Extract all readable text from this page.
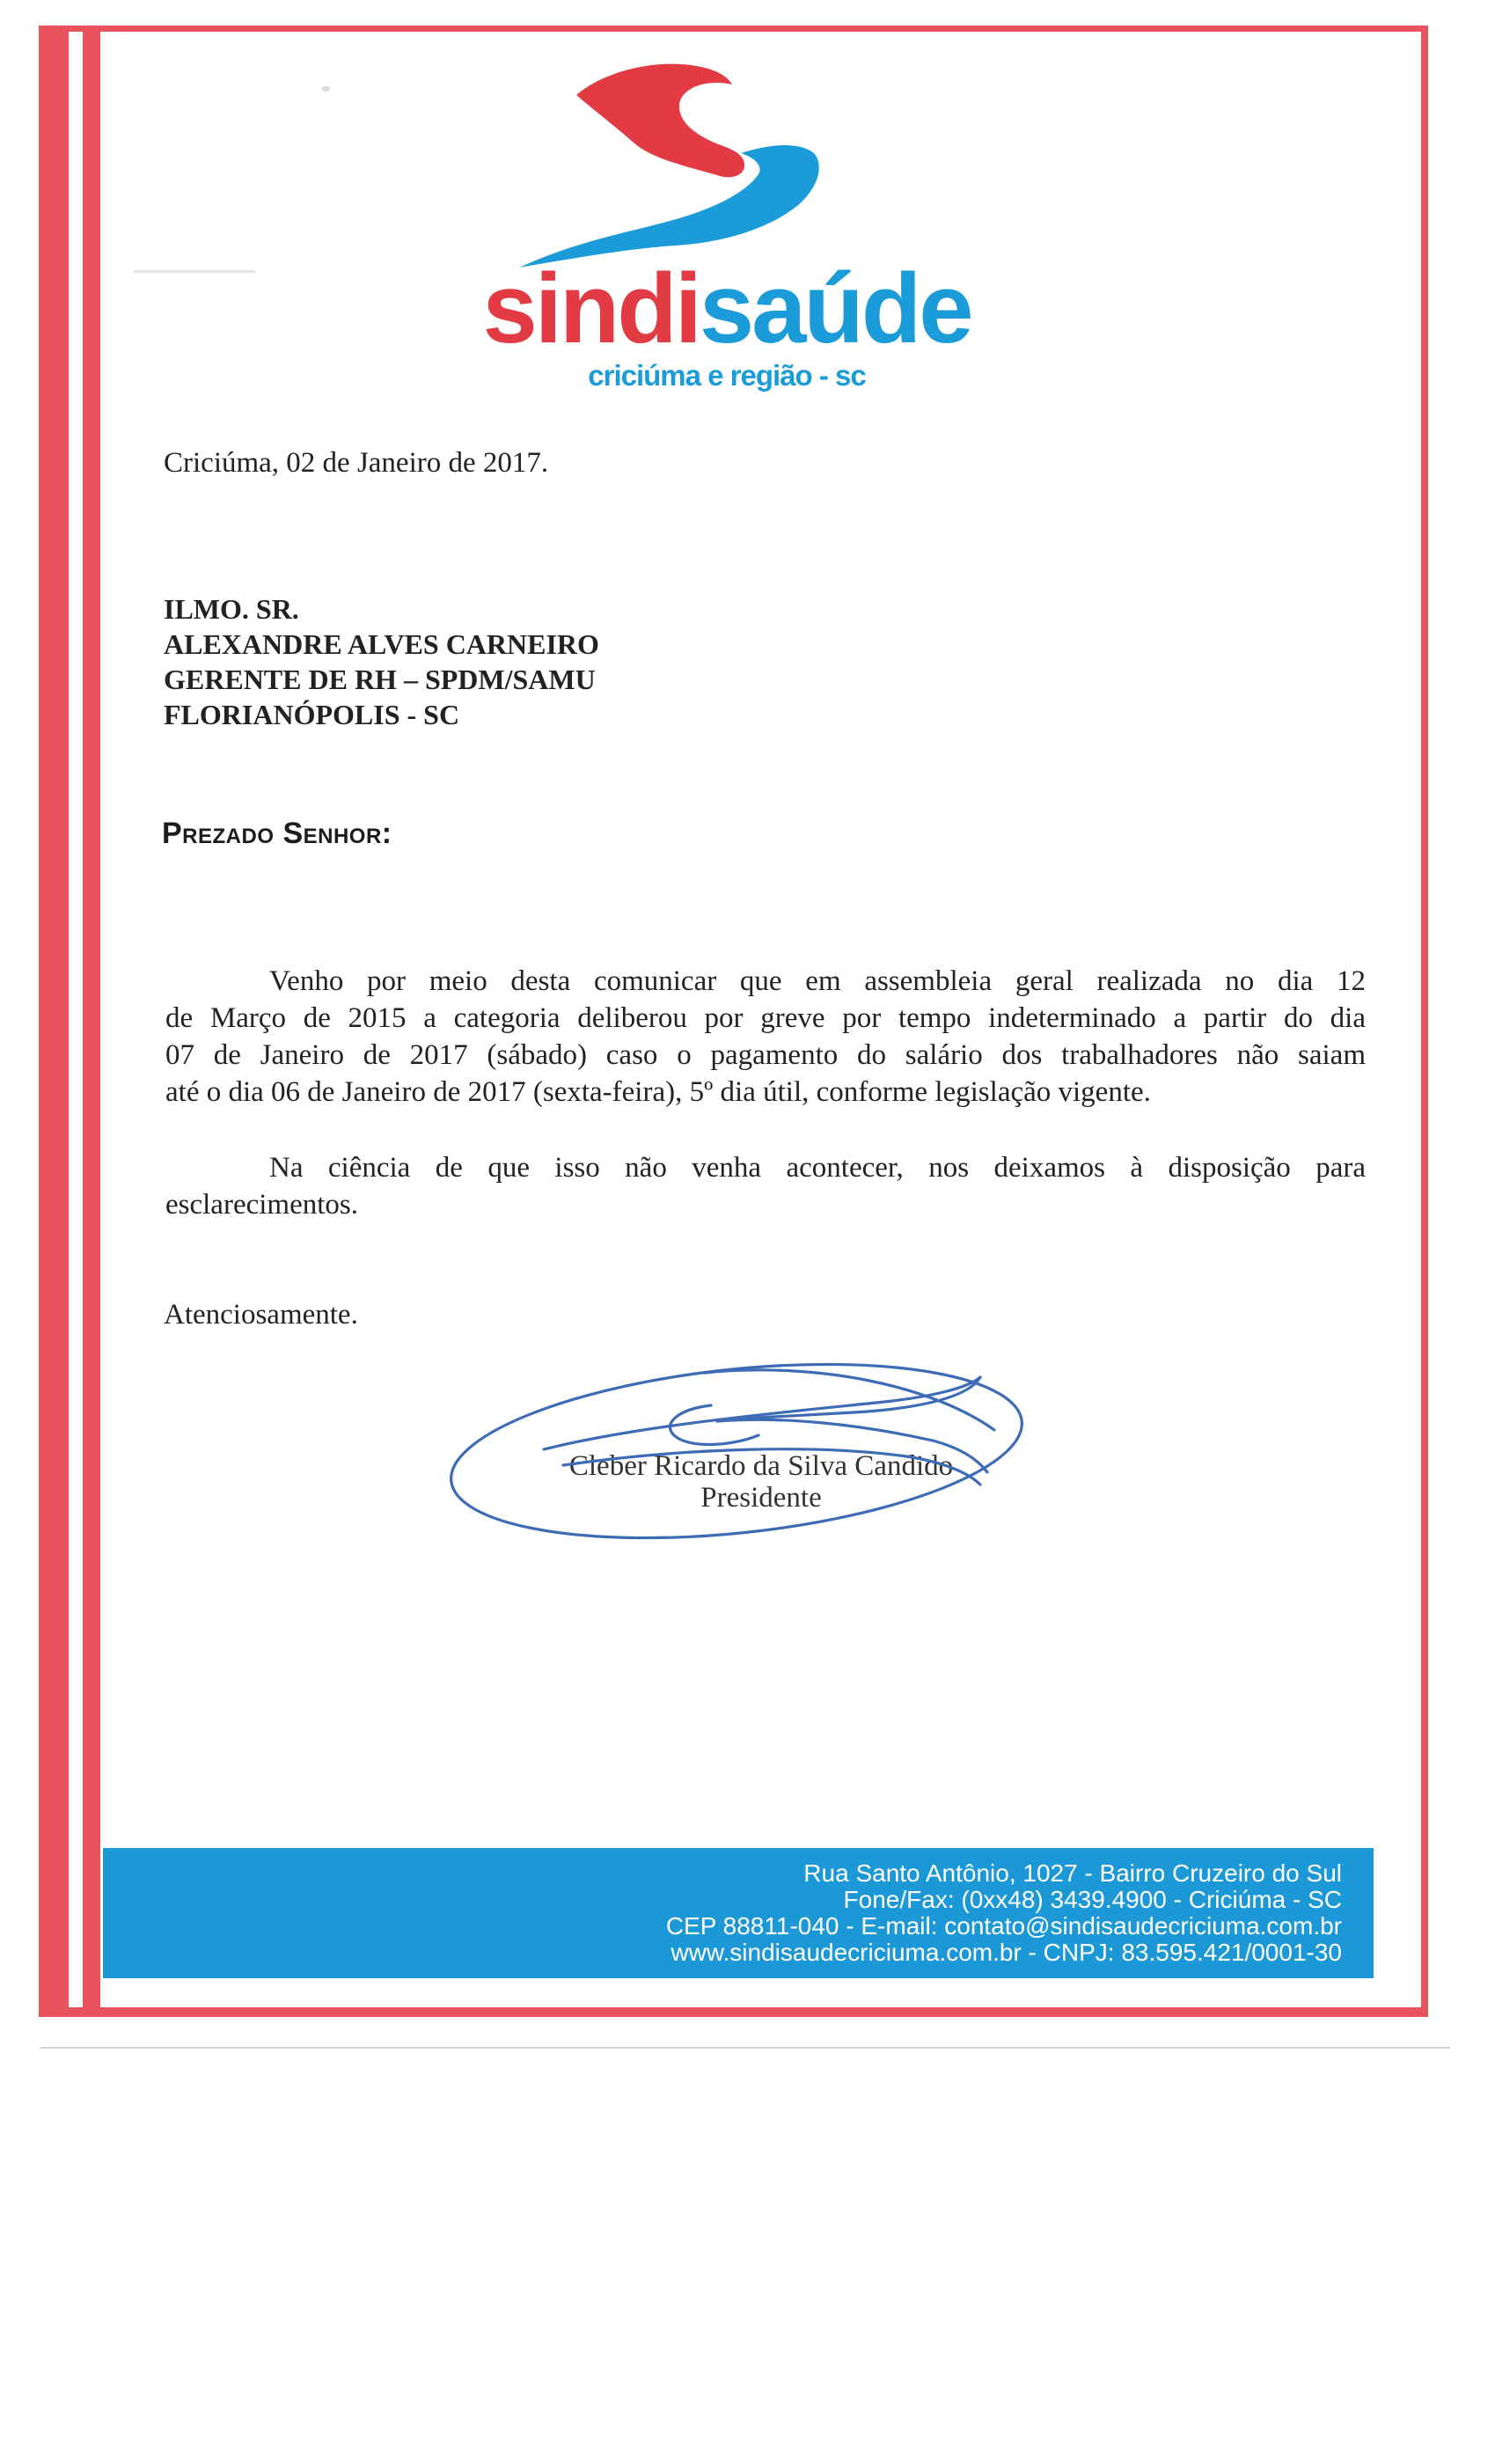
sindisaúde
criciúma e região - sc
Criciúma, 02 de Janeiro de 2017.
ILMO. SR.
ALEXANDRE ALVES CARNEIRO
GERENTE DE RH – SPDM/SAMU
FLORIANÓPOLIS - SC
Prezado Senhor:
Venho por meio desta comunicar que em assembleia geral realizada no dia 12
de Março de 2015 a categoria deliberou por greve por tempo indeterminado a partir do dia
07 de Janeiro de 2017 (sábado) caso o pagamento do salário dos trabalhadores não saiam
até o dia 06 de Janeiro de 2017 (sexta-feira), 5º dia útil, conforme legislação vigente.
Na ciência de que isso não venha acontecer, nos deixamos à disposição para
esclarecimentos.
Atenciosamente.
Cleber Ricardo da Silva Candido
Presidente
Rua Santo Antônio, 1027 - Bairro Cruzeiro do Sul
Fone/Fax: (0xx48) 3439.4900 - Criciúma - SC
CEP 88811-040 - E-mail: contato@sindisaudecriciuma.com.br
www.sindisaudecriciuma.com.br - CNPJ: 83.595.421/0001-30
